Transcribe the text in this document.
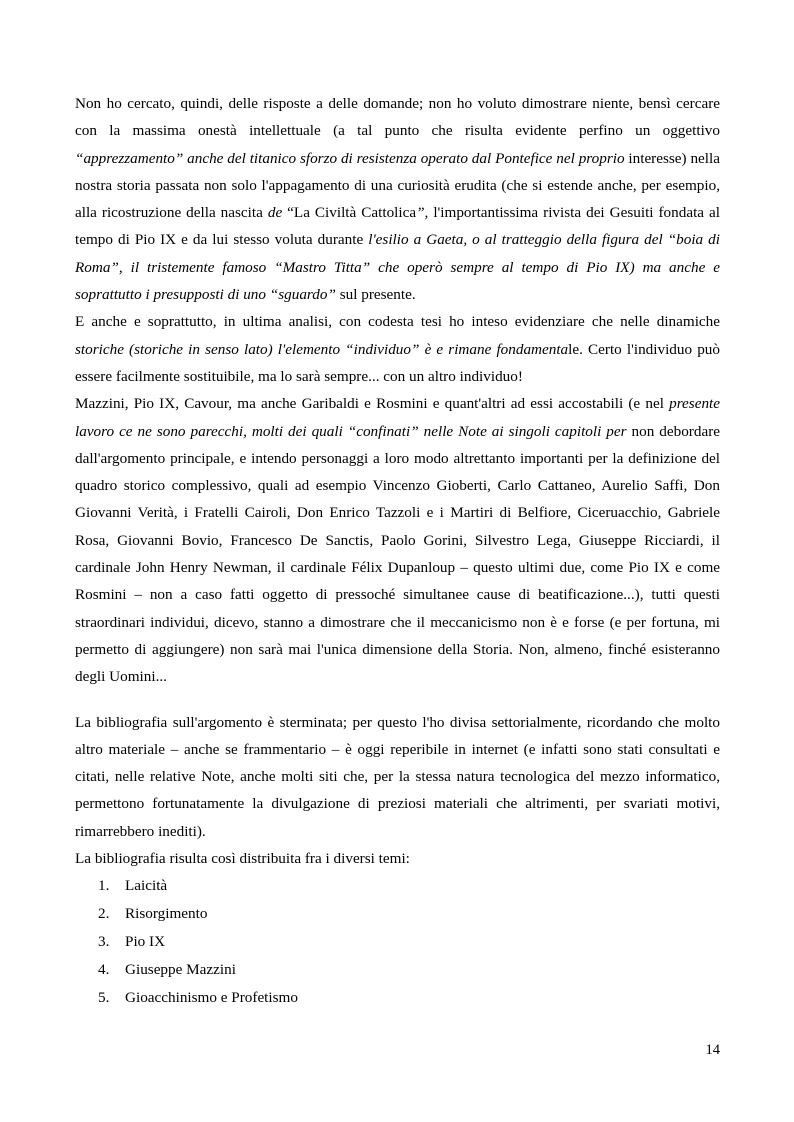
Non ho cercato, quindi, delle risposte a delle domande; non ho voluto dimostrare niente, bensì cercare con la massima onestà intellettuale (a tal punto che risulta evidente perfino un oggettivo “apprezzamento” anche del titanico sforzo di resistenza operato dal Pontefice nel proprio interesse) nella nostra storia passata non solo l'appagamento di una curiosità erudita (che si estende anche, per esempio, alla ricostruzione della nascita de “La Civiltà Cattolica”, l'importantissima rivista dei Gesuiti fondata al tempo di Pio IX e da lui stesso voluta durante l'esilio a Gaeta, o al tratteggio della figura del “boia di Roma”, il tristemente famoso “Mastro Titta” che operò sempre al tempo di Pio IX) ma anche e soprattutto i presupposti di uno “sguardo” sul presente.

E anche e soprattutto, in ultima analisi, con codesta tesi ho inteso evidenziare che nelle dinamiche storiche (storiche in senso lato) l'elemento “individuo” è e rimane fondamentale. Certo l'individuo può essere facilmente sostituibile, ma lo sarà sempre... con un altro individuo!

Mazzini, Pio IX, Cavour, ma anche Garibaldi e Rosmini e quant'altri ad essi accostabili (e nel presente lavoro ce ne sono parecchi, molti dei quali “confinati” nelle Note ai singoli capitoli per non debordare dall'argomento principale, e intendo personaggi a loro modo altrettanto importanti per la definizione del quadro storico complessivo, quali ad esempio Vincenzo Gioberti, Carlo Cattaneo, Aurelio Saffi, Don Giovanni Verità, i Fratelli Cairoli, Don Enrico Tazzoli e i Martiri di Belfiore, Ciceruacchio, Gabriele Rosa, Giovanni Bovio, Francesco De Sanctis, Paolo Gorini, Silvestro Lega, Giuseppe Ricciardi, il cardinale John Henry Newman, il cardinale Félix Dupanloup – questo ultimi due, come Pio IX e come Rosmini – non a caso fatti oggetto di pressoché simultanee cause di beatificazione...), tutti questi straordinari individui, dicevo, stanno a dimostrare che il meccanicismo non è e forse (e per fortuna, mi permetto di aggiungere) non sarà mai l'unica dimensione della Storia. Non, almeno, finché esisteranno degli Uomini...

La bibliografia sull'argomento è sterminata; per questo l'ho divisa settorialmente, ricordando che molto altro materiale – anche se frammentario – è oggi reperibile in internet (e infatti sono stati consultati e citati, nelle relative Note, anche molti siti che, per la stessa natura tecnologica del mezzo informatico, permettono fortunatamente la divulgazione di preziosi materiali che altrimenti, per svariati motivi, rimarrebbero inediti).

La bibliografia risulta così distribuita fra i diversi temi:

1. Laicità
2. Risorgimento
3. Pio IX
4. Giuseppe Mazzini
5. Gioacchinismo e Profetismo
14
